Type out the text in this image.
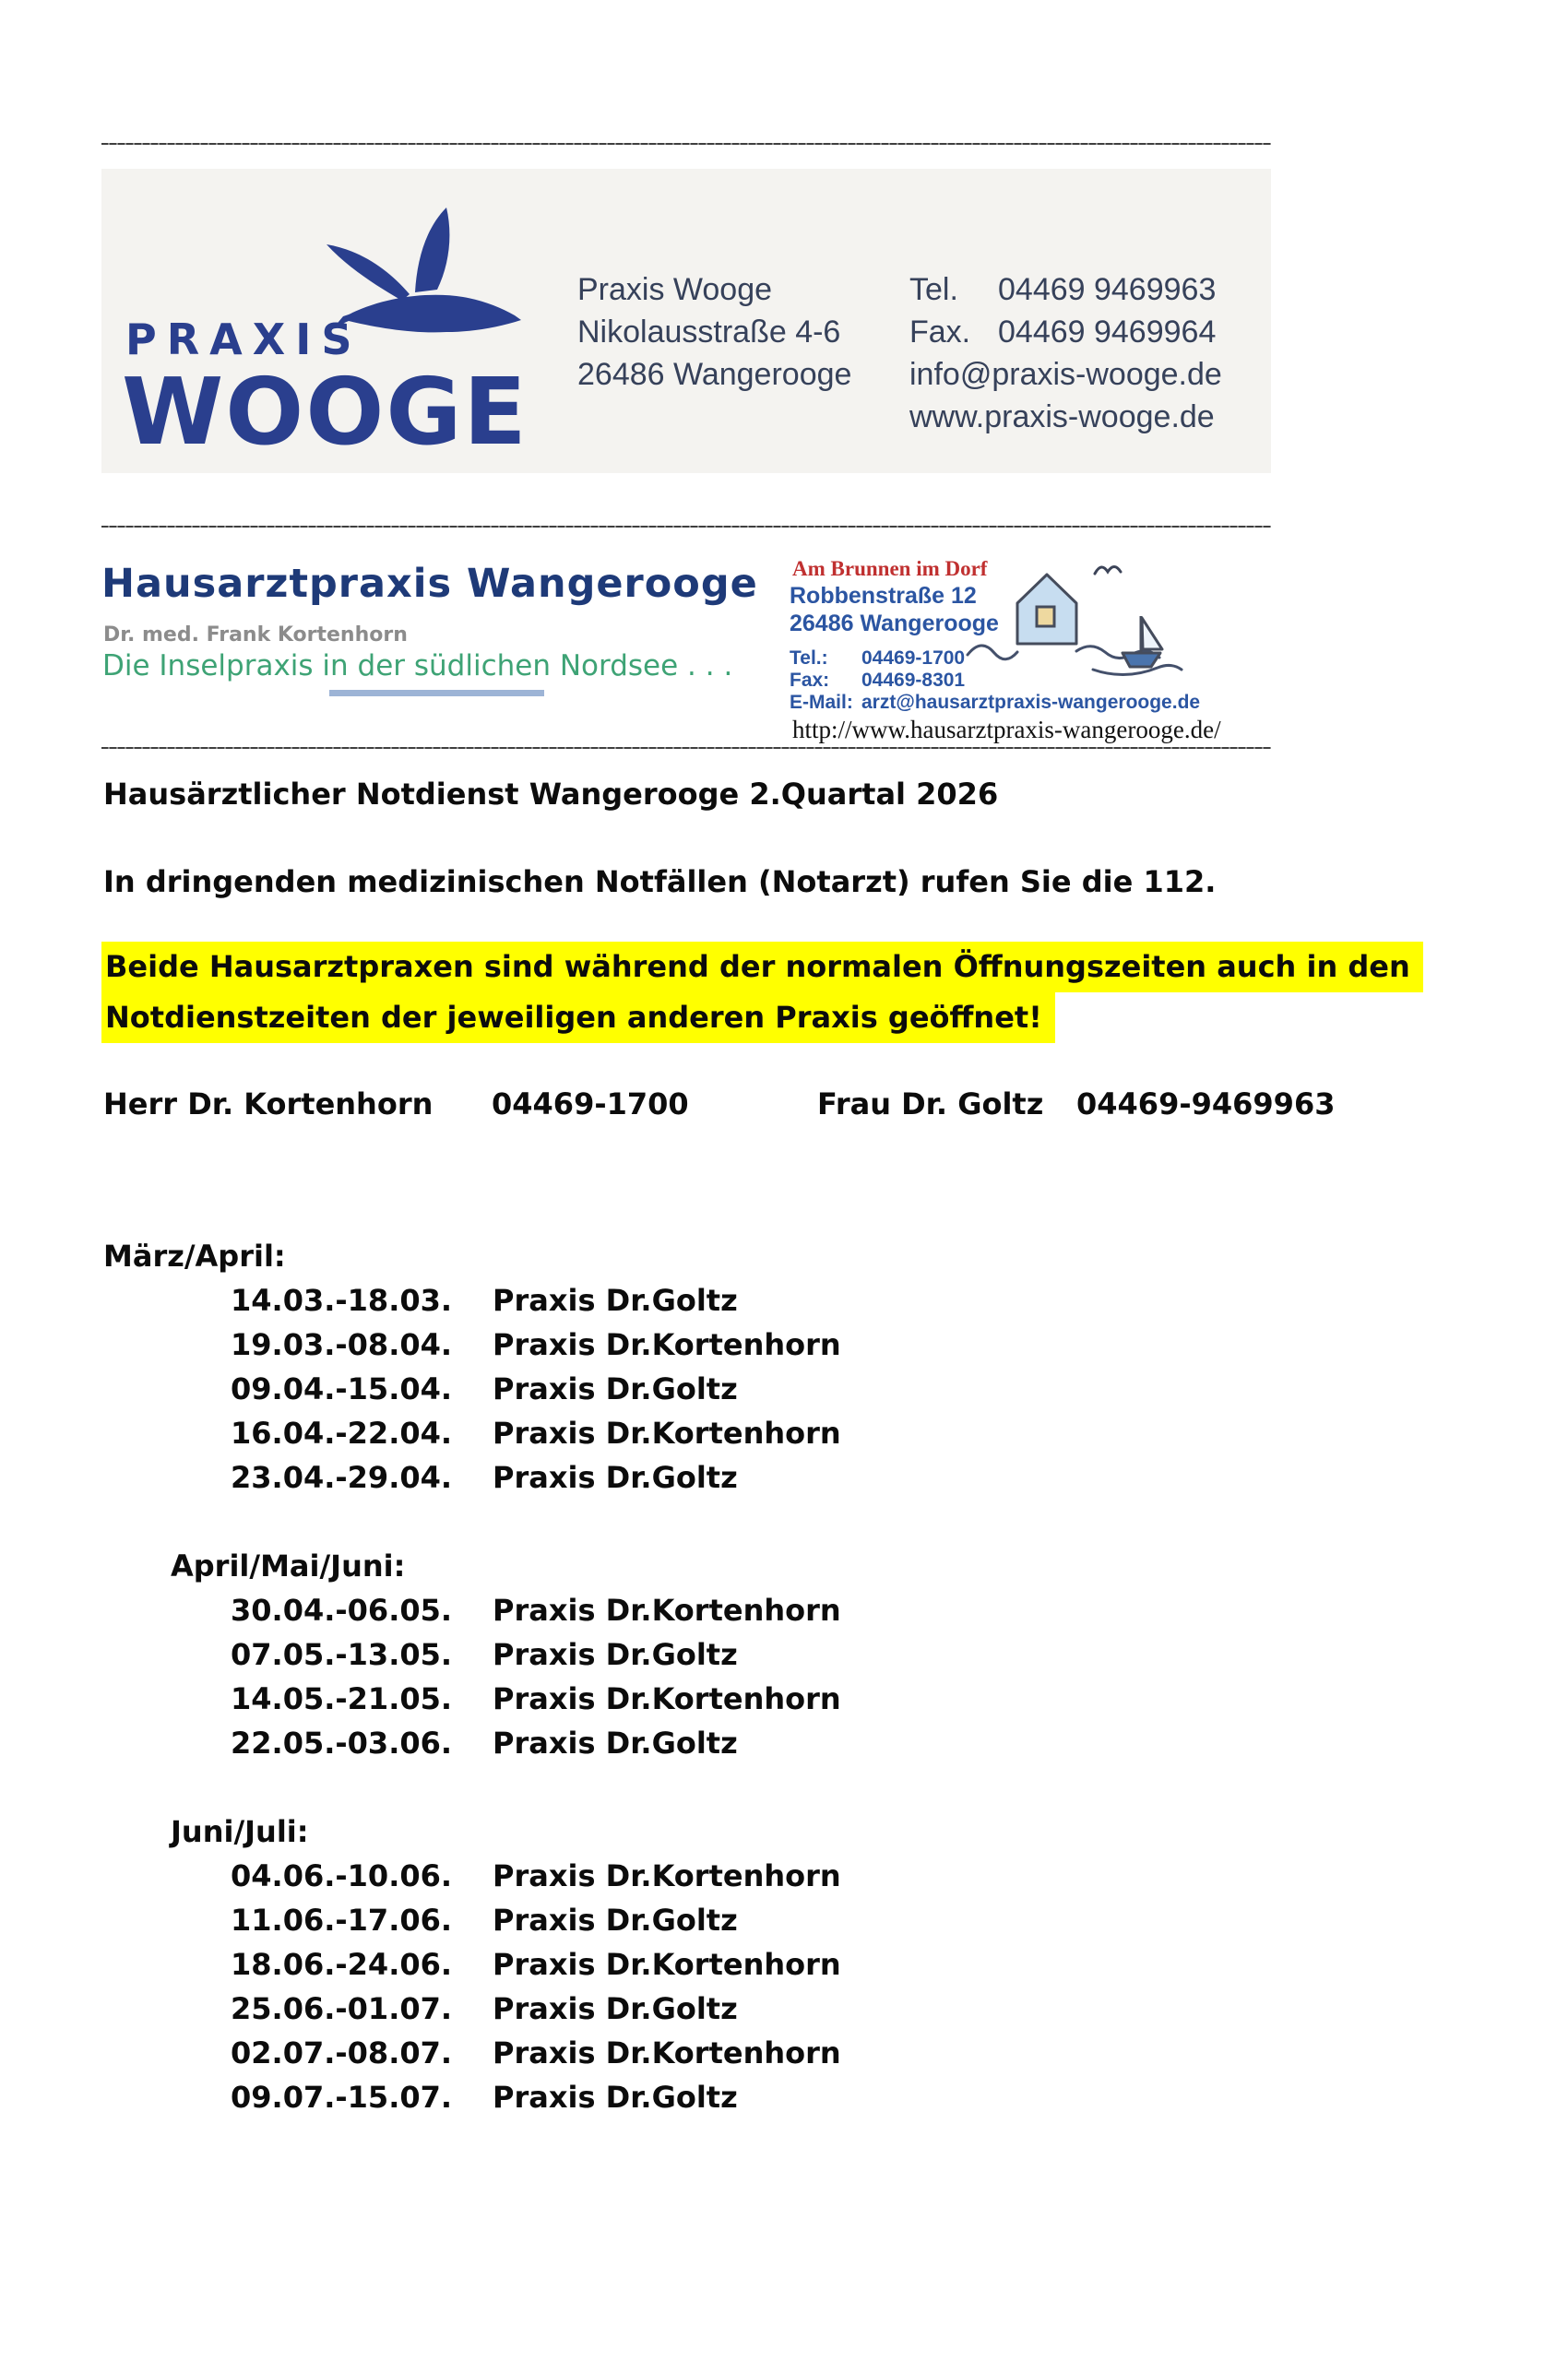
PRAXIS
WOOGE
Praxis Wooge
Nikolausstraße 4-6
26486 Wangerooge
Tel. 04469 9469963
Fax. 04469 9469964
info@praxis-wooge.de
www.praxis-wooge.de
Hausarztpraxis Wangerooge
Dr. med. Frank Kortenhorn
Die Inselpraxis in der südlichen Nordsee . . .
Am Brunnen im Dorf
Robbenstraße 12
26486 Wangerooge
Tel.: 04469-1700
Fax: 04469-8301
E-Mail: arzt@hausarztpraxis-wangerooge.de
http://www.hausarztpraxis-wangerooge.de/
Hausärztlicher Notdienst Wangerooge 2.Quartal 2026
In dringenden medizinischen Notfällen (Notarzt) rufen Sie die 112.
Beide Hausarztpraxen sind während der normalen Öffnungszeiten auch in den
Notdienstzeiten der jeweiligen anderen Praxis geöffnet!
Herr Dr. Kortenhorn 04469-1700	Frau Dr. Goltz 04469-9469963
März/April:
14.03.-18.03. Praxis Dr.Goltz
19.03.-08.04. Praxis Dr.Kortenhorn
09.04.-15.04. Praxis Dr.Goltz
16.04.-22.04. Praxis Dr.Kortenhorn
23.04.-29.04. Praxis Dr.Goltz
April/Mai/Juni:
30.04.-06.05. Praxis Dr.Kortenhorn
07.05.-13.05. Praxis Dr.Goltz
14.05.-21.05. Praxis Dr.Kortenhorn
22.05.-03.06. Praxis Dr.Goltz
Juni/Juli:
04.06.-10.06. Praxis Dr.Kortenhorn
11.06.-17.06. Praxis Dr.Goltz
18.06.-24.06. Praxis Dr.Kortenhorn
25.06.-01.07. Praxis Dr.Goltz
02.07.-08.07. Praxis Dr.Kortenhorn
09.07.-15.07. Praxis Dr.Goltz
